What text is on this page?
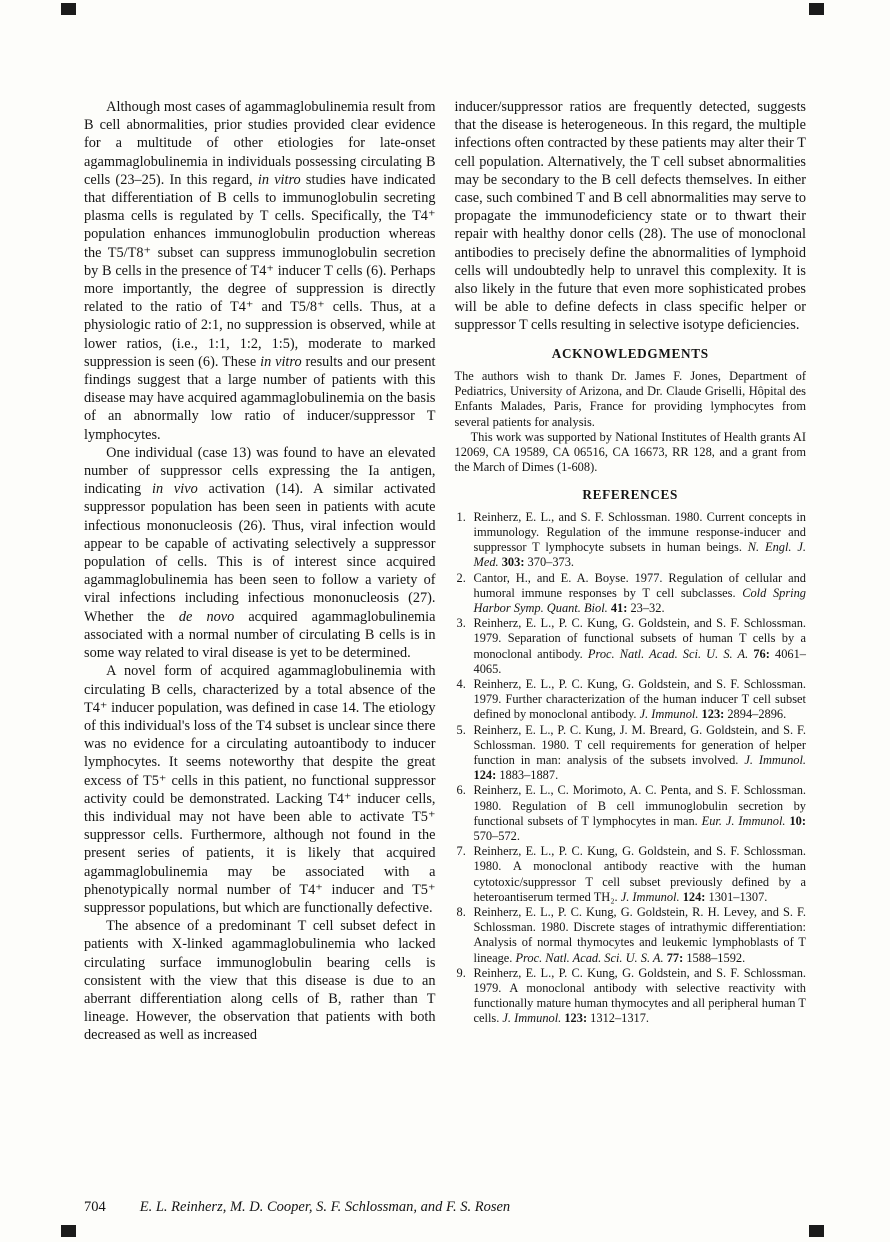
Although most cases of agammaglobulinemia result from B cell abnormalities, prior studies provided clear evidence for a multitude of other etiologies for late-onset agammaglobulinemia in individuals possessing circulating B cells (23–25). In this regard, in vitro studies have indicated that differentiation of B cells to immunoglobulin secreting plasma cells is regulated by T cells. Specifically, the T4⁺ population enhances immunoglobulin production whereas the T5/T8⁺ subset can suppress immunoglobulin secretion by B cells in the presence of T4⁺ inducer T cells (6). Perhaps more importantly, the degree of suppression is directly related to the ratio of T4⁺ and T5/8⁺ cells. Thus, at a physiologic ratio of 2:1, no suppression is observed, while at lower ratios, (i.e., 1:1, 1:2, 1:5), moderate to marked suppression is seen (6). These in vitro results and our present findings suggest that a large number of patients with this disease may have acquired agammaglobulinemia on the basis of an abnormally low ratio of inducer/suppressor T lymphocytes.

One individual (case 13) was found to have an elevated number of suppressor cells expressing the Ia antigen, indicating in vivo activation (14). A similar activated suppressor population has been seen in patients with acute infectious mononucleosis (26). Thus, viral infection would appear to be capable of activating selectively a suppressor population of cells. This is of interest since acquired agammaglobulinemia has been seen to follow a variety of viral infections including infectious mononucleosis (27). Whether the de novo acquired agammaglobulinemia associated with a normal number of circulating B cells is in some way related to viral disease is yet to be determined.

A novel form of acquired agammaglobulinemia with circulating B cells, characterized by a total absence of the T4⁺ inducer population, was defined in case 14. The etiology of this individual's loss of the T4 subset is unclear since there was no evidence for a circulating autoantibody to inducer lymphocytes. It seems noteworthy that despite the great excess of T5⁺ cells in this patient, no functional suppressor activity could be demonstrated. Lacking T4⁺ inducer cells, this individual may not have been able to activate T5⁺ suppressor cells. Furthermore, although not found in the present series of patients, it is likely that acquired agammaglobulinemia may be associated with a phenotypically normal number of T4⁺ inducer and T5⁺ suppressor populations, but which are functionally defective.

The absence of a predominant T cell subset defect in patients with X-linked agammaglobulinemia who lacked circulating surface immunoglobulin bearing cells is consistent with the view that this disease is due to an aberrant differentiation along cells of B, rather than T lineage. However, the observation that patients with both decreased as well as increased

inducer/suppressor ratios are frequently detected, suggests that the disease is heterogeneous. In this regard, the multiple infections often contracted by these patients may alter their T cell population. Alternatively, the T cell subset abnormalities may be secondary to the B cell defects themselves. In either case, such combined T and B cell abnormalities may serve to propagate the immunodeficiency state or to thwart their repair with healthy donor cells (28). The use of monoclonal antibodies to precisely define the abnormalities of lymphoid cells will undoubtedly help to unravel this complexity. It is also likely in the future that even more sophisticated probes will be able to define defects in class specific helper or suppressor T cells resulting in selective isotype deficiencies.

ACKNOWLEDGMENTS

The authors wish to thank Dr. James F. Jones, Department of Pediatrics, University of Arizona, and Dr. Claude Griselli, Hôpital des Enfants Malades, Paris, France for providing lymphocytes from several patients for analysis.

This work was supported by National Institutes of Health grants AI 12069, CA 19589, CA 06516, CA 16673, RR 128, and a grant from the March of Dimes (1-608).

REFERENCES
1. Reinherz, E. L., and S. F. Schlossman. 1980. Current concepts in immunology. Regulation of the immune response-inducer and suppressor T lymphocyte subsets in human beings. N. Engl. J. Med. 303: 370–373.
2. Cantor, H., and E. A. Boyse. 1977. Regulation of cellular and humoral immune responses by T cell subclasses. Cold Spring Harbor Symp. Quant. Biol. 41: 23–32.
3. Reinherz, E. L., P. C. Kung, G. Goldstein, and S. F. Schlossman. 1979. Separation of functional subsets of human T cells by a monoclonal antibody. Proc. Natl. Acad. Sci. U. S. A. 76: 4061–4065.
4. Reinherz, E. L., P. C. Kung, G. Goldstein, and S. F. Schlossman. 1979. Further characterization of the human inducer T cell subset defined by monoclonal antibody. J. Immunol. 123: 2894–2896.
5. Reinherz, E. L., P. C. Kung, J. M. Breard, G. Goldstein, and S. F. Schlossman. 1980. T cell requirements for generation of helper function in man: analysis of the subsets involved. J. Immunol. 124: 1883–1887.
6. Reinherz, E. L., C. Morimoto, A. C. Penta, and S. F. Schlossman. 1980. Regulation of B cell immunoglobulin secretion by functional subsets of T lymphocytes in man. Eur. J. Immunol. 10: 570–572.
7. Reinherz, E. L., P. C. Kung, G. Goldstein, and S. F. Schlossman. 1980. A monoclonal antibody reactive with the human cytotoxic/suppressor T cell subset previously defined by a heteroantiserum termed TH₂. J. Immunol. 124: 1301–1307.
8. Reinherz, E. L., P. C. Kung, G. Goldstein, R. H. Levey, and S. F. Schlossman. 1980. Discrete stages of intrathymic differentiation: Analysis of normal thymocytes and leukemic lymphoblasts of T lineage. Proc. Natl. Acad. Sci. U. S. A. 77: 1588–1592.
9. Reinherz, E. L., P. C. Kung, G. Goldstein, and S. F. Schlossman. 1979. A monoclonal antibody with selective reactivity with functionally mature human thymocytes and all peripheral human T cells. J. Immunol. 123: 1312–1317.
704 E. L. Reinherz, M. D. Cooper, S. F. Schlossman, and F. S. Rosen
